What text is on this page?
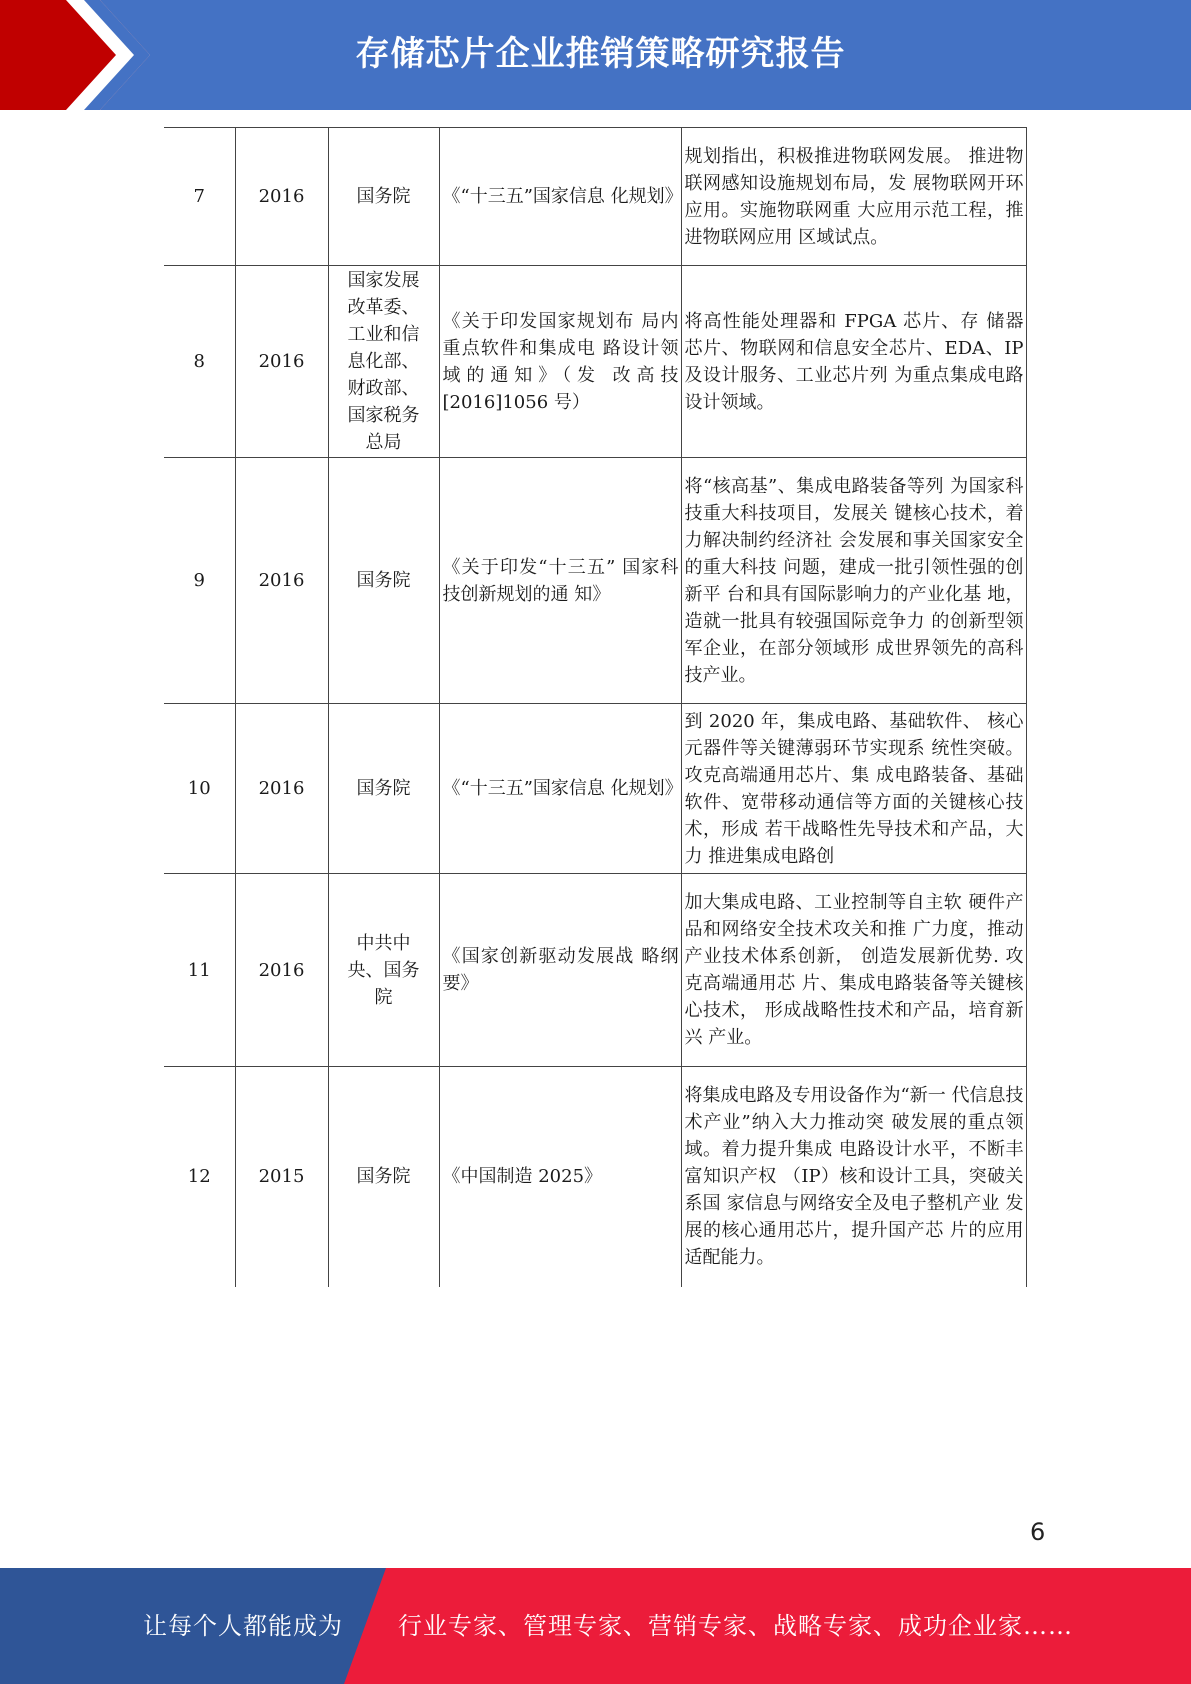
存储芯片企业推销策略研究报告
7	2016	国务院	《“十三五”国家信息 化规划》	规划指出，积极推进物联网发展。 推进物联网感知设施规划布局，发 展物联网开环应用。实施物联网重 大应用示范工程，推进物联网应用 区域试点。

8	2016	国家发展改革委、工业和信息化部、财政部、国家税务总局	《关于印发国家规划布 局内重点软件和集成电 路设计领域的通知》（发 改高技[2016]1056 号）	将高性能处理器和 FPGA 芯片、存 储器芯片、物联网和信息安全芯片、EDA、IP 及设计服务、工业芯片列 为重点集成电路设计领域。

9	2016	国务院	《关于印发“十三五” 国家科技创新规划的通 知》	将“核高基”、集成电路装备等列 为国家科技重大科技项目，发展关 键核心技术，着力解决制约经济社 会发展和事关国家安全的重大科技 问题，建成一批引领性强的创新平 台和具有国际影响力的产业化基 地，造就一批具有较强国际竞争力 的创新型领军企业，在部分领域形 成世界领先的高科技产业。

10	2016	国务院	《“十三五”国家信息 化规划》	到 2020 年，集成电路、基础软件、 核心元器件等关键薄弱环节实现系 统性突破。攻克高端通用芯片、集 成电路装备、基础软件、宽带移动通信等方面的关键核心技术，形成 若干战略性先导技术和产品，大力 推进集成电路创

11	2016	中共中央、国务院	《国家创新驱动发展战 略纲要》	加大集成电路、工业控制等自主软 硬件产品和网络安全技术攻关和推 广力度，推动产业技术体系创新， 创造发展新优势. 攻克高端通用芯 片、集成电路装备等关键核心技术， 形成战略性技术和产品，培育新兴 产业。

12	2015	国务院	《中国制造 2025》	将集成电路及专用设备作为“新一 代信息技术产业”纳入大力推动突 破发展的重点领域。着力提升集成 电路设计水平，不断丰富知识产权 （IP）核和设计工具，突破关系国 家信息与网络安全及电子整机产业 发展的核心通用芯片，提升国产芯 片的应用适配能力。
6
让每个人都能成为 行业专家、管理专家、营销专家、战略专家、成功企业家……
